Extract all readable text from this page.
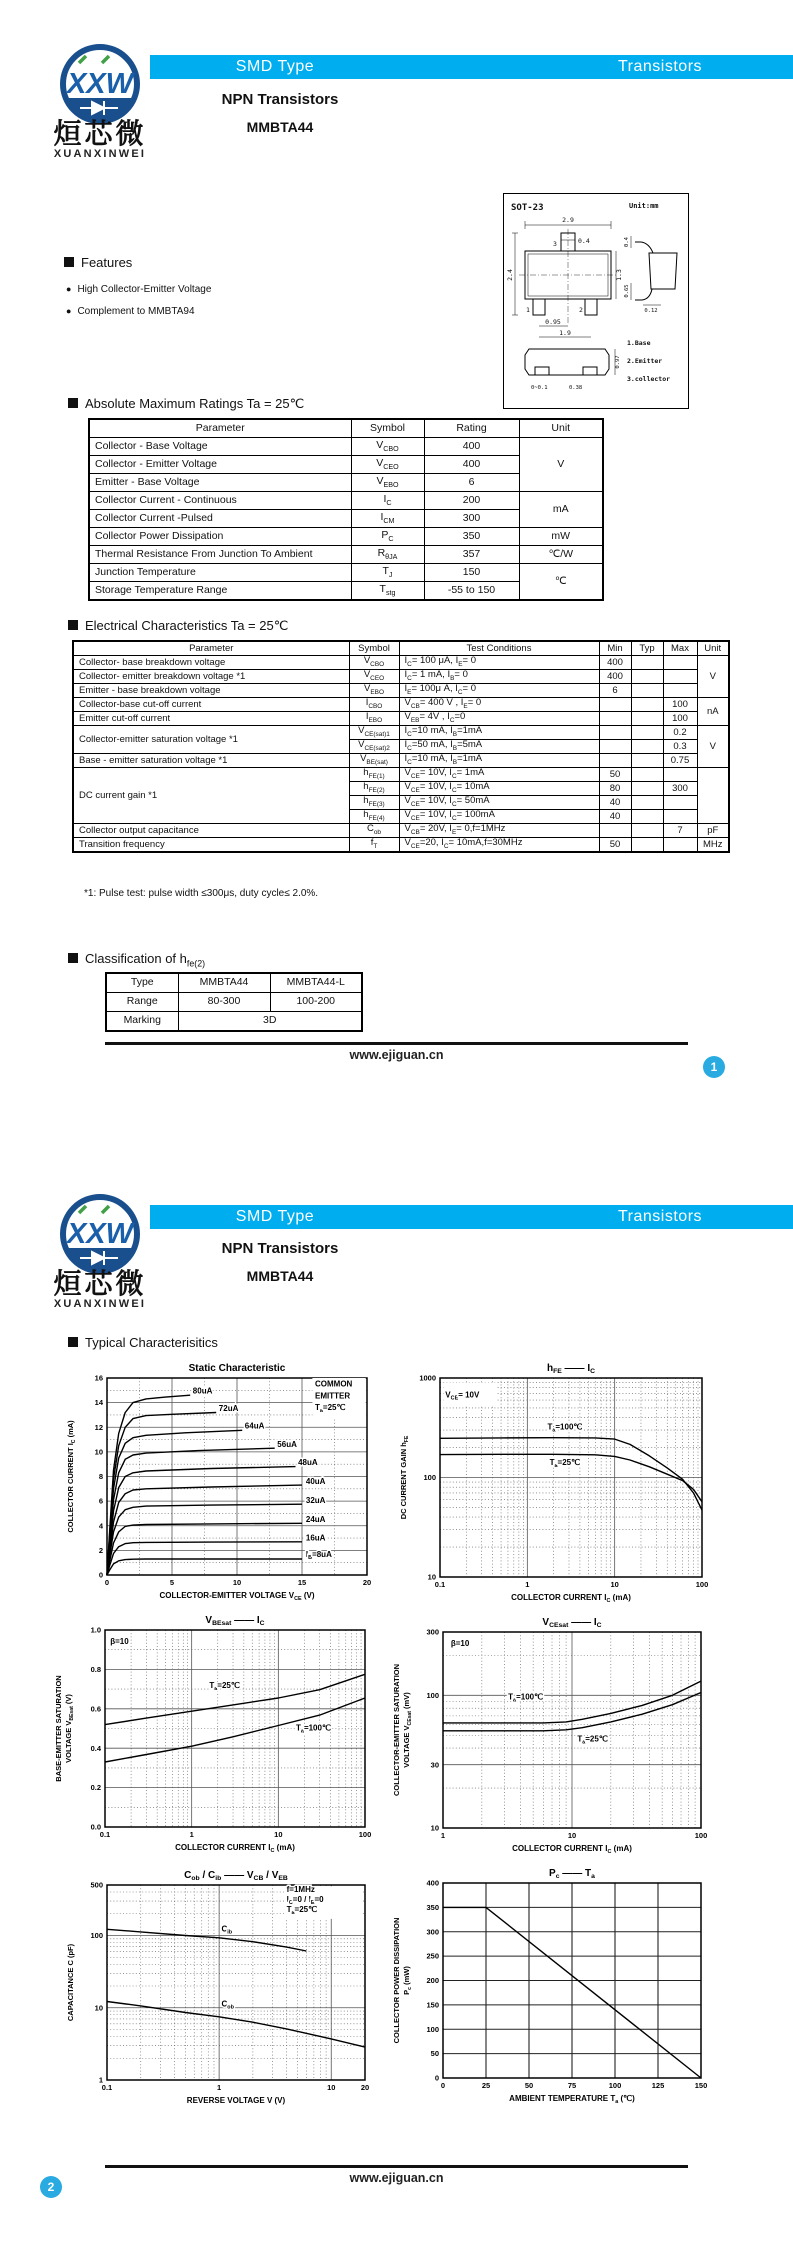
XXW
烜芯微
XUANXINWEI
SMD Type	Transistors
NPN Transistors
MMBTA44
Features
● High Collector-Emitter Voltage
● Complement to MMBTA94
SOT-23	Unit:mm
2.9
0.4
3
1	2
2.4	1.3
0.95
1.9
0.4
0.65
0.12
0.97
0~0.1	0.38
1.Base
2.Emitter
3.collector
Absolute Maximum Ratings Ta = 25℃
Parameter	Symbol	Rating	Unit
Collector - Base Voltage	$V_{CBO}$	400	V
Collector - Emitter Voltage	$V_{CEO}$	400	
Emitter - Base Voltage	$V_{EBO}$	6	
Collector Current - Continuous	$I_C$	200	mA
Collector Current -Pulsed	$I_{CM}$	300	
Collector Power Dissipation	$P_C$	350	mW
Thermal Resistance From Junction To Ambient	$R_{\theta JA}$	357	℃/W
Junction Temperature	$T_J$	150	℃
Storage Temperature Range	$T_{stg}$	-55 to 150	
Electrical Characteristics Ta = 25℃
Parameter	Symbol	Test Conditions	Min	Typ	Max	Unit
Collector- base breakdown voltage	$V_{CBO}$	$I_C= 100$ μA, $I_E= 0$	400			V
Collector- emitter breakdown voltage *1	$V_{CEO}$	$I_C= 1$ mA, $I_B= 0$	400			
Emitter - base breakdown voltage	$V_{EBO}$	$I_E= 100\mu$ A, $I_C= 0$	6			
Collector-base cut-off current	$I_{CBO}$	$V_{CB}= 400$ V , $I_E= 0$			100	nA
Emitter cut-off current	$I_{EBO}$	$V_{EB}= 4V$ , $I_C=0$			100	
Collector-emitter saturation voltage *1	$V_{CE(sat)1}$	$I_C=10$ mA, $I_B=1mA$			0.2	V
	$V_{CE(sat)2}$	$I_C=50$ mA, $I_B=5mA$			0.3	
Base - emitter saturation voltage *1	$V_{BE(sat)}$	$I_C=10$ mA, $I_B=1mA$			0.75	
DC current gain *1	$h_{FE(1)}$	$V_{CE}= 10V$, $I_C= 1mA$	50			
	$h_{FE(2)}$	$V_{CE}= 10V$, $I_C= 10mA$	80		300	
	$h_{FE(3)}$	$V_{CE}= 10V$, $I_C= 50mA$	40			
	$h_{FE(4)}$	$V_{CE}= 10V$, $I_C= 100mA$	40			
Collector output capacitance	$C_{ob}$	$V_{CB}= 20V$, $I_E= 0,f=1MHz$			7	pF
Transition frequency	$f_T$	$V_{CE}=20$, $I_C= 10mA,f=30MHz$	50			MHz
*1: Pulse test: pulse width ≤300μs, duty cycle≤ 2.0%.
Classification of $h_{fe(2)}$
Type	MMBTA44	MMBTA44-L
Range	80-300	100-200
Marking	3D	
www.ejiguan.cn
1
XXW
烜芯微
XUANXINWEI
SMD Type	Transistors
NPN Transistors
MMBTA44
Typical Characterisitics
80uA
72uA
64uA
56uA
48uA
40uA
32uA
24uA
16uA
$I_B=8uA$
COMMON
EMITTER
$T_a=25℃$
0	5	10	15	20
0
2
4
6
8
10
12
14
16
Static Characteristic
COLLECTOR-EMITTER VOLTAGE $V_{CE}$ (V)
COLLECTOR CURRENT $I_C$ (mA)	$T_a=100℃$
$T_a=25℃$
$V_{CE}= 10V$
0.1	1	10	100
10
100
1000
$h_{FE}$ —— $I_C$
COLLECTOR CURRENT $I_C$ (mA)
DC CURRENT GAIN $h_{FE}$
$T_a=25℃$
$T_a=100℃$
β=10
0.1	1	10	100
0.0
0.2
0.4
0.6
0.8
1.0
$V_{BEsat}$ —— $I_C$
COLLECTOR CURRENT $I_C$ (mA)
BASE-EMITTER SATURATION VOLTAGE $V_{BEsat}$ (V)	$T_a=100℃$
$T_a=25℃$
β=10
1	10	100
10
30
100
300
$V_{CEsat}$ —— $I_C$
COLLECTOR CURRENT $I_C$ (mA)
COLLECTOR-EMITTER SATURATION VOLTAGE $V_{CEsat}$ (mV)
$C_{ib}$
$C_{ob}$
f=1MHz
$I_C=0 / I_E=0$
$T_a=25℃$
0.1	1	10	20
1
10
100
500
$C_{ob} / C_{ib}$ —— $V_{CB} / V_{EB}$
REVERSE VOLTAGE V (V)
CAPACITANCE C (pF)
0	25	50	75	100	125	150
0
50
100
150
200
250
300
350
400
$P_c$ —— $T_a$
AMBIENT TEMPERATURE $T_a$ (℃)
COLLECTOR POWER DISSIPATION $P_c$ (mW)
www.ejiguan.cn
2
